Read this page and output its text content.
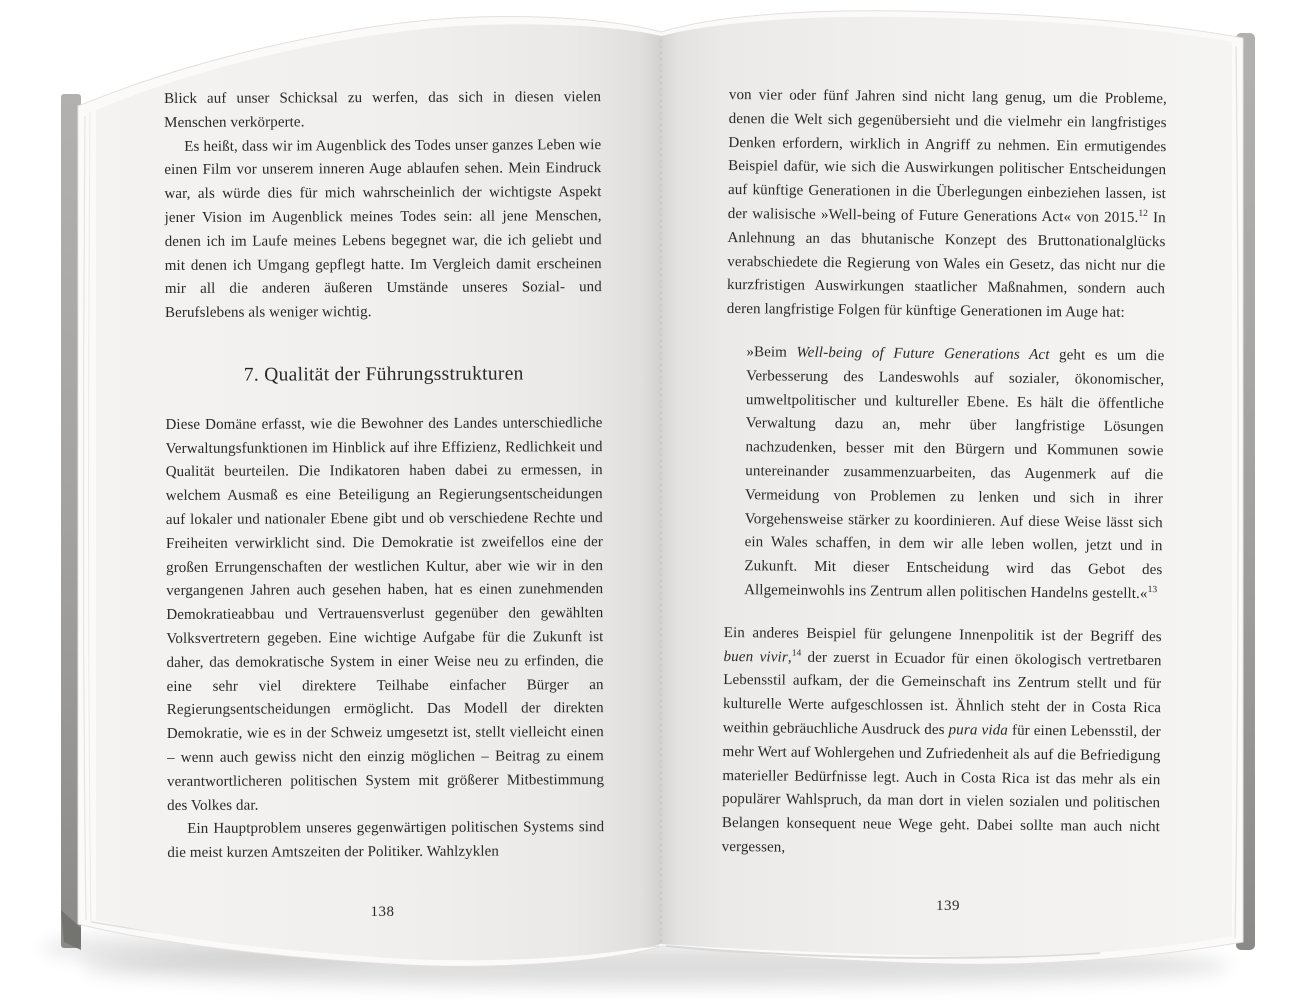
Blick auf unser Schicksal zu werfen, das sich in diesen vielen Menschen verkörperte.

Es heißt, dass wir im Augenblick des Todes unser ganzes Leben wie einen Film vor unserem inneren Auge ablaufen sehen. Mein Eindruck war, als würde dies für mich wahrscheinlich der wichtigste Aspekt jener Vision im Augenblick meines Todes sein: all jene Menschen, denen ich im Laufe meines Lebens begegnet war, die ich geliebt und mit denen ich Umgang gepflegt hatte. Im Vergleich damit erscheinen mir all die anderen äußeren Umstände unseres Sozial- und Berufslebens als weniger wichtig.

7. Qualität der Führungsstrukturen

Diese Domäne erfasst, wie die Bewohner des Landes unterschiedliche Verwaltungsfunktionen im Hinblick auf ihre Effizienz, Redlichkeit und Qualität beurteilen. Die Indikatoren haben dabei zu ermessen, in welchem Ausmaß es eine Beteiligung an Regierungsentscheidungen auf lokaler und nationaler Ebene gibt und ob verschiedene Rechte und Freiheiten verwirklicht sind. Die Demokratie ist zweifellos eine der großen Errungenschaften der westlichen Kultur, aber wie wir in den vergangenen Jahren auch gesehen haben, hat es einen zunehmenden Demokratieabbau und Vertrauensverlust gegenüber den gewählten Volksvertretern gegeben. Eine wichtige Aufgabe für die Zukunft ist daher, das demokratische System in einer Weise neu zu erfinden, die eine sehr viel direktere Teilhabe einfacher Bürger an Regierungsentscheidungen ermöglicht. Das Modell der direkten Demokratie, wie es in der Schweiz umgesetzt ist, stellt vielleicht einen – wenn auch gewiss nicht den einzig möglichen – Beitrag zu einem verantwortlicheren politischen System mit größerer Mitbestimmung des Volkes dar.

Ein Hauptproblem unseres gegenwärtigen politischen Systems sind die meist kurzen Amtszeiten der Politiker. Wahlzyklen

von vier oder fünf Jahren sind nicht lang genug, um die Probleme, denen die Welt sich gegenübersieht und die vielmehr ein langfristiges Denken erfordern, wirklich in Angriff zu nehmen. Ein ermutigendes Beispiel dafür, wie sich die Auswirkungen politischer Entscheidungen auf künftige Generationen in die Überlegungen einbeziehen lassen, ist der walisische »Well-being of Future Generations Act« von 2015.12 In Anlehnung an das bhutanische Konzept des Bruttonationalglücks verabschiedete die Regierung von Wales ein Gesetz, das nicht nur die kurzfristigen Auswirkungen staatlicher Maßnahmen, sondern auch deren langfristige Folgen für künftige Generationen im Auge hat:

»Beim Well-being of Future Generations Act geht es um die Verbesserung des Landeswohls auf sozialer, ökonomischer, umweltpolitischer und kultureller Ebene. Es hält die öffentliche Verwaltung dazu an, mehr über langfristige Lösungen nachzudenken, besser mit den Bürgern und Kommunen sowie untereinander zusammenzuarbeiten, das Augenmerk auf die Vermeidung von Problemen zu lenken und sich in ihrer Vorgehensweise stärker zu koordinieren. Auf diese Weise lässt sich ein Wales schaffen, in dem wir alle leben wollen, jetzt und in Zukunft. Mit dieser Entscheidung wird das Gebot des Allgemeinwohls ins Zentrum allen politischen Handelns gestellt.«$^{13}$

Ein anderes Beispiel für gelungene Innenpolitik ist der Begriff des buen vivir,$^{14}$ der zuerst in Ecuador für einen ökologisch vertretbaren Lebensstil aufkam, der die Gemeinschaft ins Zentrum stellt und für kulturelle Werte aufgeschlossen ist. Ähnlich steht der in Costa Rica weithin gebräuchliche Ausdruck des pura vida für einen Lebensstil, der mehr Wert auf Wohlergehen und Zufriedenheit als auf die Befriedigung materieller Bedürfnisse legt. Auch in Costa Rica ist das mehr als ein populärer Wahlspruch, da man dort in vielen sozialen und politischen Belangen konsequent neue Wege geht. Dabei sollte man auch nicht vergessen,

138	139
